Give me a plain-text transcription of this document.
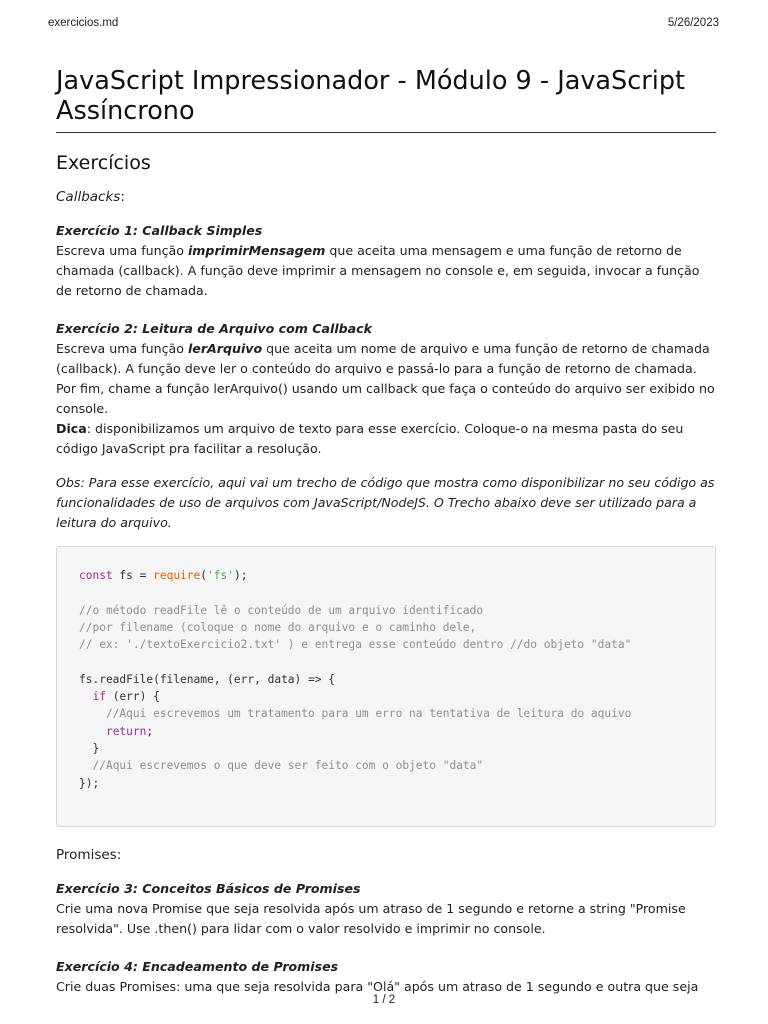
exercicios.md	5/26/2023
JavaScript Impressionador - Módulo 9 - JavaScript Assíncrono
Exercícios

Callbacks:

Exercício 1: Callback Simples
Escreva uma função imprimirMensagem que aceita uma mensagem e uma função de retorno de chamada (callback). A função deve imprimir a mensagem no console e, em seguida, invocar a função de retorno de chamada.
Exercício 2: Leitura de Arquivo com Callback
Escreva uma função lerArquivo que aceita um nome de arquivo e uma função de retorno de chamada (callback). A função deve ler o conteúdo do arquivo e passá-lo para a função de retorno de chamada. Por fim, chame a função lerArquivo() usando um callback que faça o conteúdo do arquivo ser exibido no console.
Dica: disponibilizamos um arquivo de texto para esse exercício. Coloque-o na mesma pasta do seu código JavaScript pra facilitar a resolução.

Obs: Para esse exercício, aqui vai um trecho de código que mostra como disponibilizar no seu código as funcionalidades de uso de arquivos com JavaScript/NodeJS. O Trecho abaixo deve ser utilizado para a leitura do arquivo.

const fs = require('fs');

//o método readFile lê o conteúdo de um arquivo identificado
//por filename (coloque o nome do arquivo e o caminho dele,
// ex: './textoExercicio2.txt' ) e entrega esse conteúdo dentro //do objeto "data"

fs.readFile(filename, (err, data) => {
if (err) {
//Aqui escrevemos um tratamento para um erro na tentativa de leitura do aquivo
return;
}
//Aqui escrevemos o que deve ser feito com o objeto "data"
});

Promises:

Exercício 3: Conceitos Básicos de Promises
Crie uma nova Promise que seja resolvida após um atraso de 1 segundo e retorne a string "Promise resolvida". Use .then() para lidar com o valor resolvido e imprimir no console.
Exercício 4: Encadeamento de Promises
Crie duas Promises: uma que seja resolvida para "Olá" após um atraso de 1 segundo e outra que seja
1 / 2
